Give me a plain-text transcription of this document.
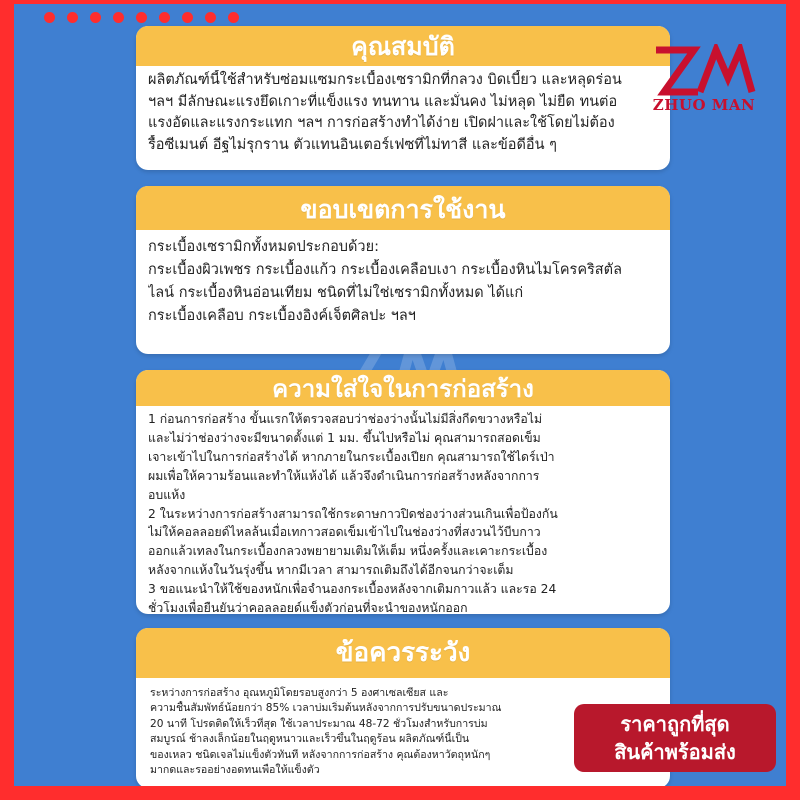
ZHUO MAN
คุณสมบัติ

ผลิตภัณฑ์นี้ใช้สำหรับซ่อมแซมกระเบื้องเซรามิกที่กลวง บิดเบี้ยว และหลุดร่อน

ฯลฯ มีลักษณะแรงยึดเกาะที่แข็งแรง ทนทาน และมั่นคง ไม่หลุด ไม่ยืด ทนต่อ

แรงอัดและแรงกระแทก ฯลฯ การก่อสร้างทำได้ง่าย เปิดฝาและใช้โดยไม่ต้อง

รื้อซีเมนต์ อีฐไม่รุกราน ตัวแทนอินเตอร์เฟซที่ไม่ทาสี และข้อดีอื่น ๆ

ขอบเขตการใช้งาน

กระเบื้องเซรามิกทั้งหมดประกอบด้วย:

กระเบื้องผิวเพชร กระเบื้องแก้ว กระเบื้องเคลือบเงา กระเบื้องหินไมโครคริสตัล

ไลน์ กระเบื้องหินอ่อนเทียม ชนิดที่ไม่ใช่เซรามิกทั้งหมด ได้แก่

กระเบื้องเคลือบ กระเบื้องอิงค์เจ็ตศิลปะ ฯลฯ

ความใส่ใจในการก่อสร้าง

1 ก่อนการก่อสร้าง ขั้นแรกให้ตรวจสอบว่าช่องว่างนั้นไม่มีสิ่งกีดขวางหรือไม่

และไม่ว่าช่องว่างจะมีขนาดตั้งแต่ 1 มม. ขึ้นไปหรือไม่ คุณสามารถสอดเข็ม

เจาะเข้าไปในการก่อสร้างได้ หากภายในกระเบื้องเปียก คุณสามารถใช้ไดร์เป่า

ผมเพื่อให้ความร้อนและทำให้แห้งได้ แล้วจึงดำเนินการก่อสร้างหลังจากการ

อบแห้ง

2 ในระหว่างการก่อสร้างสามารถใช้กระดาษกาวปิดช่องว่างส่วนเกินเพื่อป้องกัน

ไม่ให้คอลลอยด์ไหลล้นเมื่อเทกาวสอดเข็มเข้าไปในช่องว่างที่สงวนไว้บีบกาว

ออกแล้วเทลงในกระเบื้องกลวงพยายามเติมให้เต็ม หนึ่งครั้งและเคาะกระเบื้อง

หลังจากแห้งในวันรุ่งขึ้น หากมีเวลา สามารถเติมถึงได้อีกจนกว่าจะเต็ม

3 ขอแนะนำให้ใช้ของหนักเพื่อจำนองกระเบื้องหลังจากเติมกาวแล้ว และรอ 24

ชั่วโมงเพื่อยืนยันว่าคอลลอยด์แข็งตัวก่อนที่จะนำของหนักออก

ข้อควรระวัง

ระหว่างการก่อสร้าง อุณหภูมิโดยรอบสูงกว่า 5 องศาเซลเซียส และ

ความชื้นสัมพัทธ์น้อยกว่า 85% เวลาบ่มเริ่มต้นหลังจากการปรับขนาดประมาณ

20 นาที โปรดติดให้เร็วที่สุด ใช้เวลาประมาณ 48-72 ชั่วโมงสำหรับการบ่ม

สมบูรณ์ ช้าลงเล็กน้อยในฤดูหนาวและเร็วขึ้นในฤดูร้อน ผลิตภัณฑ์นี้เป็น

ของเหลว ชนิดเจลไม่แข็งตัวทันที หลังจากการก่อสร้าง คุณต้องหาวัตถุหนักๆ

มากดและรออย่างอดทนเพื่อให้แข็งตัว

ราคาถูกที่สุด
สินค้าพร้อมส่ง
